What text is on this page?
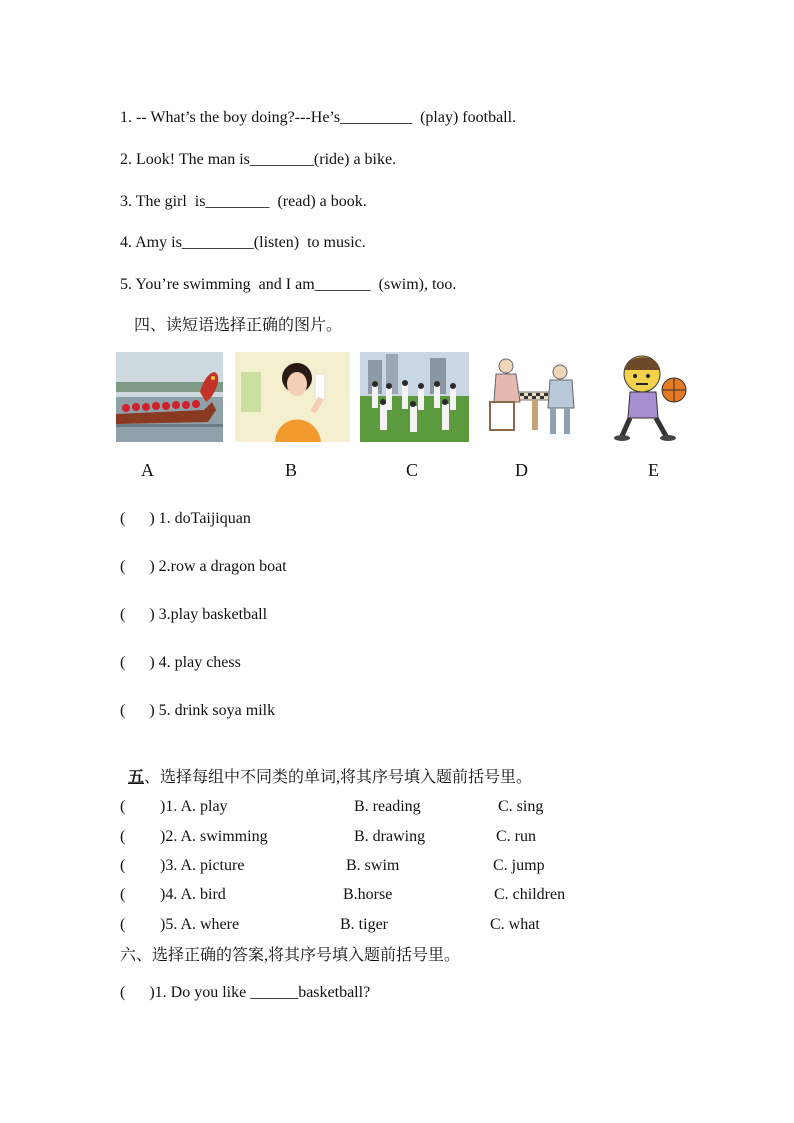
1. -- What’s the boy doing?---He’s_________  (play) football.
2. Look! The man is________(ride) a bike.
3. The girl  is________  (read) a book.
4. Amy is_________(listen)  to music.
5. You’re swimming  and I am_______  (swim), too.
四、读短语选择正确的图片。
A	B	C	D	E
(      ) 1. doTaijiquan
(      ) 2.row a dragon boat
(      ) 3.play basketball
(      ) 4. play chess
(      ) 5. drink soya milk

五、选择每组中不同类的单词,将其序号填入题前括号里。

( )1. A. play	B. reading	C. sing
( )2. A. swimming	B. drawing	C. run
( )3. A. picture	B. swim	C. jump
( )4. A. bird	B.horse	C. children
( )5. A. where	B. tiger	C. what
六、选择正确的答案,将其序号填入题前括号里。
(      )1. Do you like ______basketball?
